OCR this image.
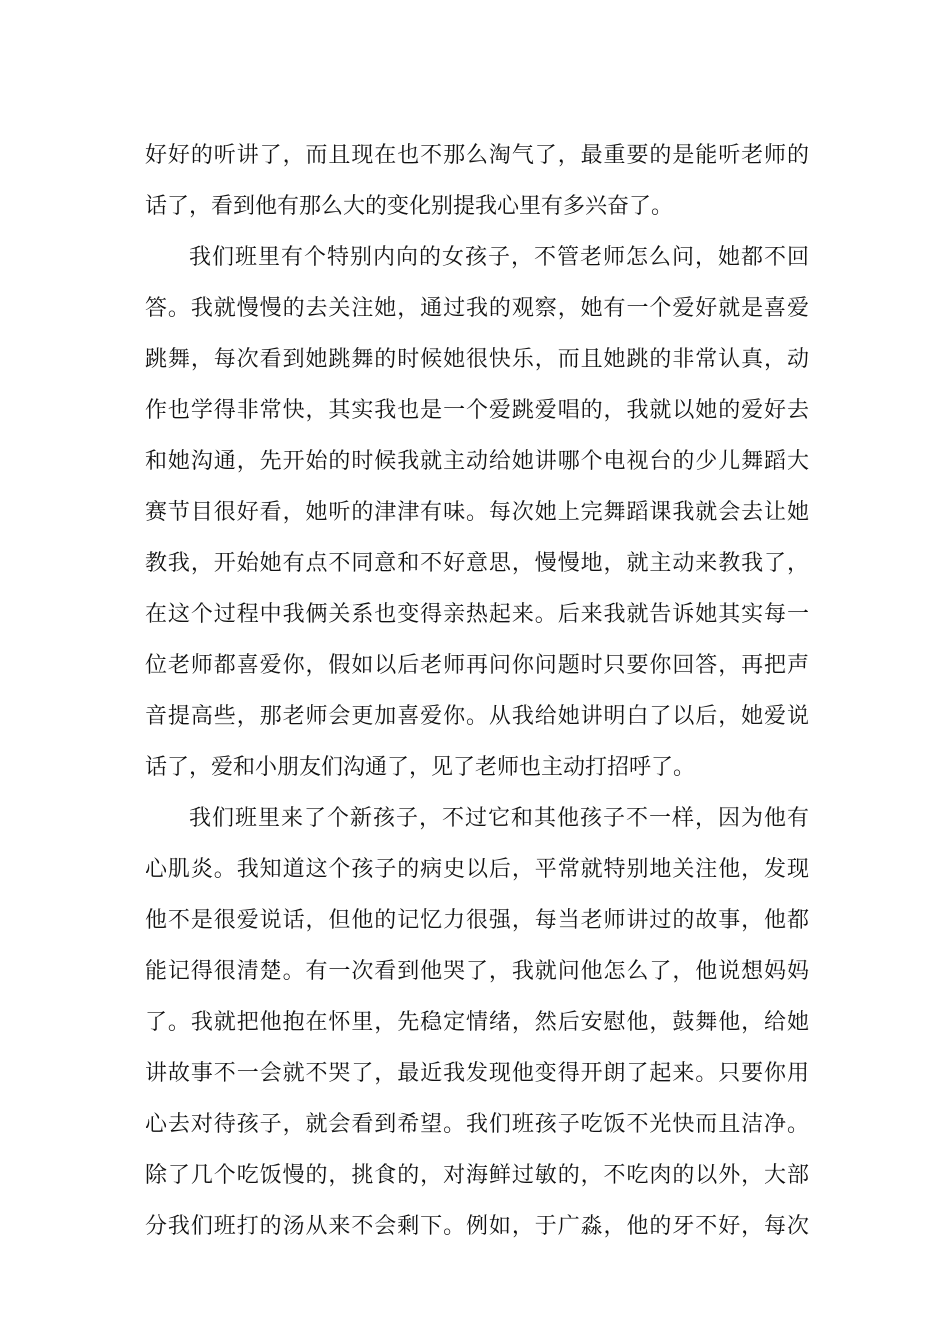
好好的听讲了，而且现在也不那么淘气了，最重要的是能听老师的
话了，看到他有那么大的变化别提我心里有多兴奋了。
我们班里有个特别内向的女孩子，不管老师怎么问，她都不回
答。我就慢慢的去关注她，通过我的观察，她有一个爱好就是喜爱
跳舞，每次看到她跳舞的时候她很快乐，而且她跳的非常认真，动
作也学得非常快，其实我也是一个爱跳爱唱的，我就以她的爱好去
和她沟通，先开始的时候我就主动给她讲哪个电视台的少儿舞蹈大
赛节目很好看，她听的津津有味。每次她上完舞蹈课我就会去让她
教我，开始她有点不同意和不好意思，慢慢地，就主动来教我了，
在这个过程中我俩关系也变得亲热起来。后来我就告诉她其实每一
位老师都喜爱你，假如以后老师再问你问题时只要你回答，再把声
音提高些，那老师会更加喜爱你。从我给她讲明白了以后，她爱说
话了，爱和小朋友们沟通了，见了老师也主动打招呼了。
我们班里来了个新孩子，不过它和其他孩子不一样，因为他有
心肌炎。我知道这个孩子的病史以后，平常就特别地关注他，发现
他不是很爱说话，但他的记忆力很强，每当老师讲过的故事，他都
能记得很清楚。有一次看到他哭了，我就问他怎么了，他说想妈妈
了。我就把他抱在怀里，先稳定情绪，然后安慰他，鼓舞他，给她
讲故事不一会就不哭了，最近我发现他变得开朗了起来。只要你用
心去对待孩子，就会看到希望。我们班孩子吃饭不光快而且洁净。
除了几个吃饭慢的，挑食的，对海鲜过敏的，不吃肉的以外，大部
分我们班打的汤从来不会剩下。例如，于广淼，他的牙不好，每次
